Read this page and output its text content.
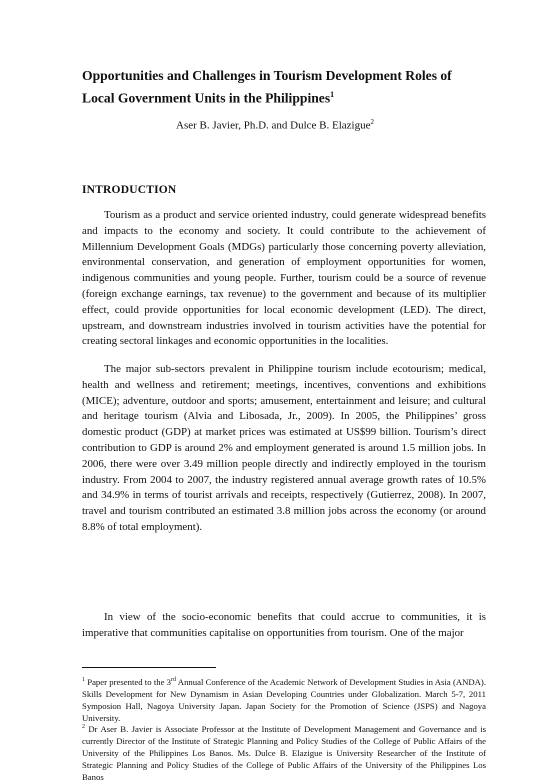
Opportunities and Challenges in Tourism Development Roles of Local Government Units in the Philippines$^1$

Aser B. Javier, Ph.D. and Dulce B. Elazigue$^2$

INTRODUCTION

Tourism as a product and service oriented industry, could generate widespread benefits and impacts to the economy and society. It could contribute to the achievement of Millennium Development Goals (MDGs) particularly those concerning poverty alleviation, environmental conservation, and generation of employment opportunities for women, indigenous communities and young people. Further, tourism could be a source of revenue (foreign exchange earnings, tax revenue) to the government and because of its multiplier effect, could provide opportunities for local economic development (LED). The direct, upstream, and downstream industries involved in tourism activities have the potential for creating sectoral linkages and economic opportunities in the localities.

The major sub-sectors prevalent in Philippine tourism include ecotourism; medical, health and wellness and retirement; meetings, incentives, conventions and exhibitions (MICE); adventure, outdoor and sports; amusement, entertainment and leisure; and cultural and heritage tourism (Alvia and Libosada, Jr., 2009). In 2005, the Philippines’ gross domestic product (GDP) at market prices was estimated at US$99 billion. Tourism’s direct contribution to GDP is around 2% and employment generated is around 1.5 million jobs. In 2006, there were over 3.49 million people directly and indirectly employed in the tourism industry. From 2004 to 2007, the industry registered annual average growth rates of 10.5% and 34.9% in terms of tourist arrivals and receipts, respectively (Gutierrez, 2008). In 2007, travel and tourism contributed an estimated 3.8 million jobs across the economy (or around 8.8% of total employment).

In view of the socio-economic benefits that could accrue to communities, it is imperative that communities capitalise on opportunities from tourism. One of the major

$^1$ Paper presented to the 3rd Annual Conference of the Academic Network of Development Studies in Asia (ANDA). Skills Development for New Dynamism in Asian Developing Countries under Globalization. March 5-7, 2011 Symposion Hall, Nagoya University Japan. Japan Society for the Promotion of Science (JSPS) and Nagoya University.

$^2$ Dr Aser B. Javier is Associate Professor at the Institute of Development Management and Governance and is currently Director of the Institute of Strategic Planning and Policy Studies of the College of Public Affairs of the University of the Philippines Los Banos. Ms. Dulce B. Elazigue is University Researcher of the Institute of Strategic Planning and Policy Studies of the College of Public Affairs of the University of the Philippines Los Banos
